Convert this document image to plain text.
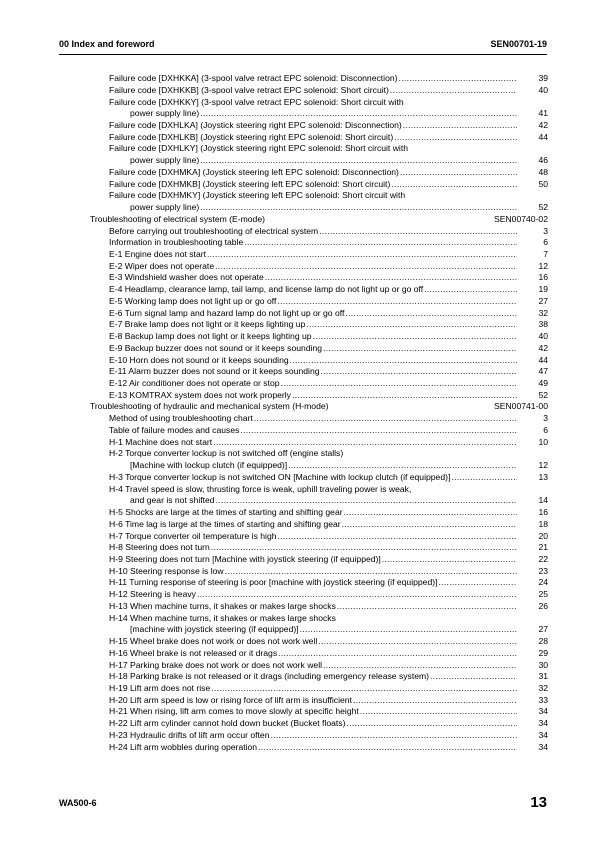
00 Index and foreword	SEN00701-19
Failure code [DXHKKA] (3-spool valve retract EPC solenoid: Disconnection) .....	39
Failure code [DXHKKB] (3-spool valve retract EPC solenoid: Short circuit) .....	40
Failure code [DXHKKY] (3-spool valve retract EPC solenoid: Short circuit with
power supply line) .....	41
Failure code [DXHLKA] (Joystick steering right EPC solenoid: Disconnection) .....	42
Failure code [DXHLKB] (Joystick steering right EPC solenoid: Short circuit) .....	44
Failure code [DXHLKY] (Joystick steering right EPC solenoid: Short circuit with
power supply line) .....	46
Failure code [DXHMKA] (Joystick steering left EPC solenoid: Disconnection) .....	48
Failure code [DXHMKB] (Joystick steering left EPC solenoid: Short circuit) .....	50
Failure code [DXHMKY] (Joystick steering left EPC solenoid: Short circuit with
power supply line) .....	52
Troubleshooting of electrical system (E-mode)	SEN00740-02
Before carrying out troubleshooting of electrical system .....	3
Information in troubleshooting table .....	6
E-1 Engine does not start .....	7
E-2 Wiper does not operate .....	12
E-3 Windshield washer does not operate .....	16
E-4 Headlamp, clearance lamp, tail lamp, and license lamp do not light up or go off .....	19
E-5 Working lamp does not light up or go off .....	27
E-6 Turn signal lamp and hazard lamp do not light up or go off .....	32
E-7 Brake lamp does not light or it keeps lighting up .....	38
E-8 Backup lamp does not light or it keeps lighting up .....	40
E-9 Backup buzzer does not sound or it keeps sounding .....	42
E-10 Horn does not sound or it keeps sounding .....	44
E-11 Alarm buzzer does not sound or it keeps sounding .....	47
E-12 Air conditioner does not operate or stop .....	49
E-13 KOMTRAX system does not work properly .....	52
Troubleshooting of hydraulic and mechanical system (H-mode)	SEN00741-00
Method of using troubleshooting chart .....	3
Table of failure modes and causes .....	6
H-1 Machine does not start .....	10
H-2 Torque converter lockup is not switched off (engine stalls)
[Machine with lockup clutch (if equipped)] .....	12
H-3 Torque converter lockup is not switched ON [Machine with lockup clutch (if equipped)] .....	13
H-4 Travel speed is slow, thrusting force is weak, uphill traveling power is weak,
and gear is not shifted .....	14
H-5 Shocks are large at the times of starting and shifting gear .....	16
H-6 Time lag is large at the times of starting and shifting gear .....	18
H-7 Torque converter oil temperature is high .....	20
H-8 Steering does not turn .....	21
H-9 Steering does not turn [Machine with joystick steering (if equipped)] .....	22
H-10 Steering response is low .....	23
H-11 Turning response of steering is poor [machine with joystick steering (if equipped)] .....	24
H-12 Steering is heavy .....	25
H-13 When machine turns, it shakes or makes large shocks .....	26
H-14 When machine turns, it shakes or makes large shocks
[machine with joystick steering (if equipped)] .....	27
H-15 Wheel brake does not work or does not work well .....	28
H-16 Wheel brake is not released or it drags .....	29
H-17 Parking brake does not work or does not work well .....	30
H-18 Parking brake is not released or it drags (including emergency release system) .....	31
H-19 Lift arm does not rise .....	32
H-20 Lift arm speed is low or rising force of lift arm is insufficient .....	33
H-21 When rising, lift arm comes to move slowly at specific height .....	34
H-22 Lift arm cylinder cannot hold down bucket (Bucket floats) .....	34
H-23 Hydraulic drifts of lift arm occur often .....	34
H-24 Lift arm wobbles during operation .....	34
WA500-6	13
